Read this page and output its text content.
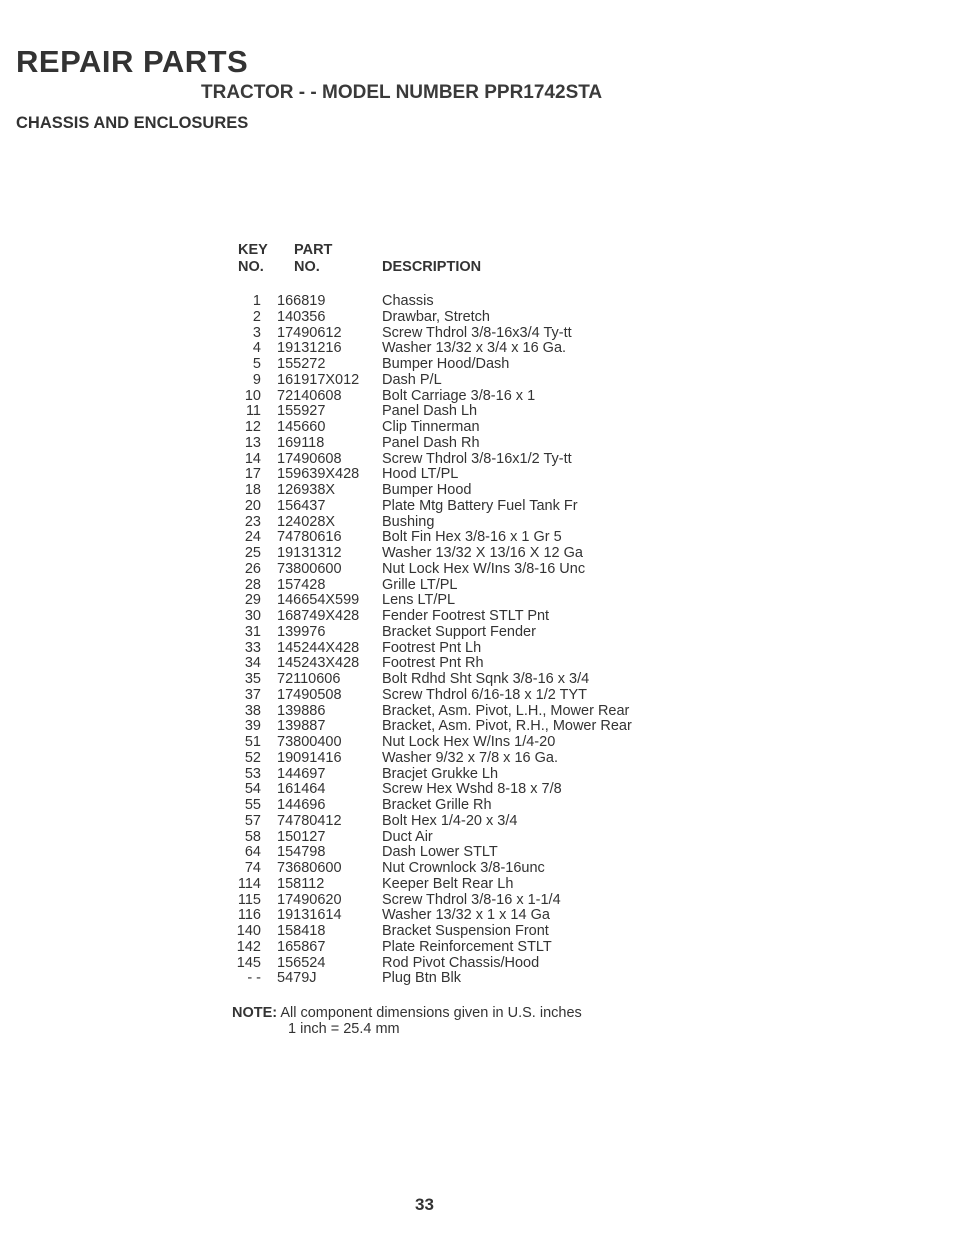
REPAIR PARTS
TRACTOR - - MODEL NUMBER PPR1742STA
CHASSIS AND ENCLOSURES
KEY
NO.
PART
NO.	DESCRIPTION
1 166819	Chassis
2 140356	Drawbar, Stretch
3 17490612	Screw Thdrol 3/8-16x3/4 Ty-tt
4 19131216	Washer 13/32 x 3/4 x 16 Ga.
5 155272	Bumper Hood/Dash
9 161917X012 Dash P/L
10 72140608	Bolt Carriage 3/8-16 x 1
11 155927	Panel Dash Lh
12 145660	Clip Tinnerman
13 169118	Panel Dash Rh
14 17490608	Screw Thdrol 3/8-16x1/2 Ty-tt
17 159639X428 Hood LT/PL
18 126938X	Bumper Hood
20 156437	Plate Mtg Battery Fuel Tank Fr
23 124028X	Bushing
24 74780616	Bolt Fin Hex 3/8-16 x 1 Gr 5
25 19131312	Washer 13/32 X 13/16 X 12 Ga
26 73800600	Nut Lock Hex W/Ins 3/8-16 Unc
28 157428	Grille LT/PL
29 146654X599 Lens LT/PL
30 168749X428 Fender Footrest STLT Pnt
31 139976	Bracket Support Fender
33 145244X428 Footrest Pnt Lh
34 145243X428 Footrest Pnt Rh
35 72110606	Bolt Rdhd Sht Sqnk 3/8-16 x 3/4
37 17490508	Screw Thdrol 6/16-18 x 1/2 TYT
38 139886	Bracket, Asm. Pivot, L.H., Mower Rear
39 139887	Bracket, Asm. Pivot, R.H., Mower Rear
51 73800400	Nut Lock Hex W/Ins 1/4-20
52 19091416	Washer 9/32 x 7/8 x 16 Ga.
53 144697	Bracjet Grukke Lh
54 161464	Screw Hex Wshd 8-18 x 7/8
55 144696	Bracket Grille Rh
57 74780412	Bolt Hex 1/4-20 x 3/4
58 150127	Duct Air
64 154798	Dash Lower STLT
74 73680600	Nut Crownlock 3/8-16unc
114 158112	Keeper Belt Rear Lh
115 17490620	Screw Thdrol 3/8-16 x 1-1/4
116 19131614	Washer 13/32 x 1 x 14 Ga
140 158418	Bracket Suspension Front
142 165867	Plate Reinforcement STLT
145 156524	Rod Pivot Chassis/Hood
- - 5479J	Plug Btn Blk
NOTE: All component dimensions given in U.S. inches
1 inch = 25.4 mm
33
